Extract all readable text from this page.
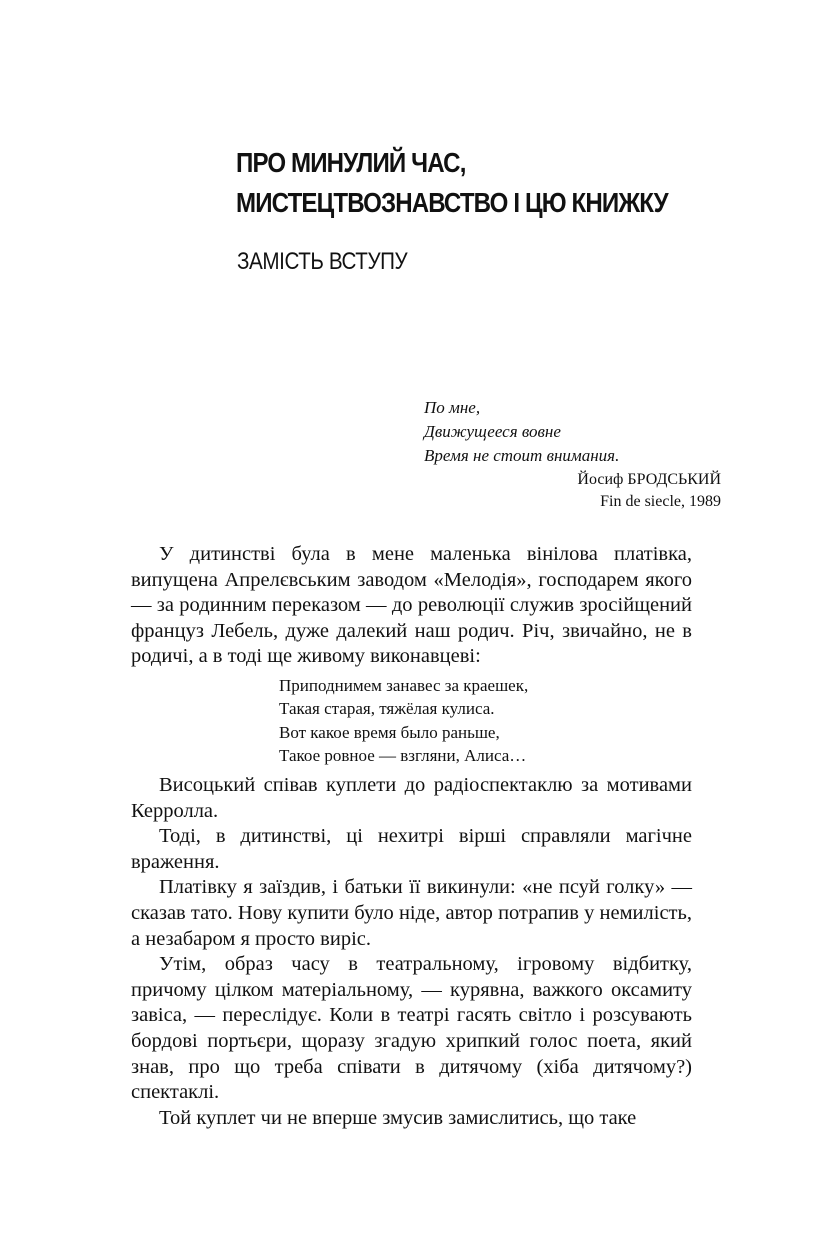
ПРО МИНУЛИЙ ЧАС,
МИСТЕЦТВОЗНАВСТВО І ЦЮ КНИЖКУ
ЗАМІСТЬ ВСТУПУ
По мне,
Движущееся вовне
Время не стоит внимания.
Йосиф БРОДСЬКИЙ
Fin de siecle, 1989

У дитинстві була в мене маленька вінілова платівка, випущена Апрелєвським заводом «Мелодія», господарем якого — за родинним переказом — до революції служив зросійщений француз Лебель, дуже далекий наш родич. Річ, звичайно, не в родичі, а в тоді ще живому виконавцеві:

Приподнимем занавес за краешек,
Такая старая, тяжёлая кулиса.
Вот какое время было раньше,
Такое ровное — взгляни, Алиса…

Висоцький співав куплети до радіоспектаклю за мотивами Керролла.

Тоді, в дитинстві, ці нехитрі вірші справляли магічне враження.

Платівку я заїздив, і батьки її викинули: «не псуй голку» — сказав тато. Нову купити було ніде, автор потрапив у немилість, а незабаром я просто виріс.

Утім, образ часу в театральному, ігровому відбитку, причому цілком матеріальному, — курявна, важкого оксамиту завіса, — переслідує. Коли в театрі гасять світло і розсувають бордові портьєри, щоразу згадую хрипкий голос поета, який знав, про що треба співати в дитячому (хіба дитячому?) спектаклі.

Той куплет чи не вперше змусив замислитись, що таке
